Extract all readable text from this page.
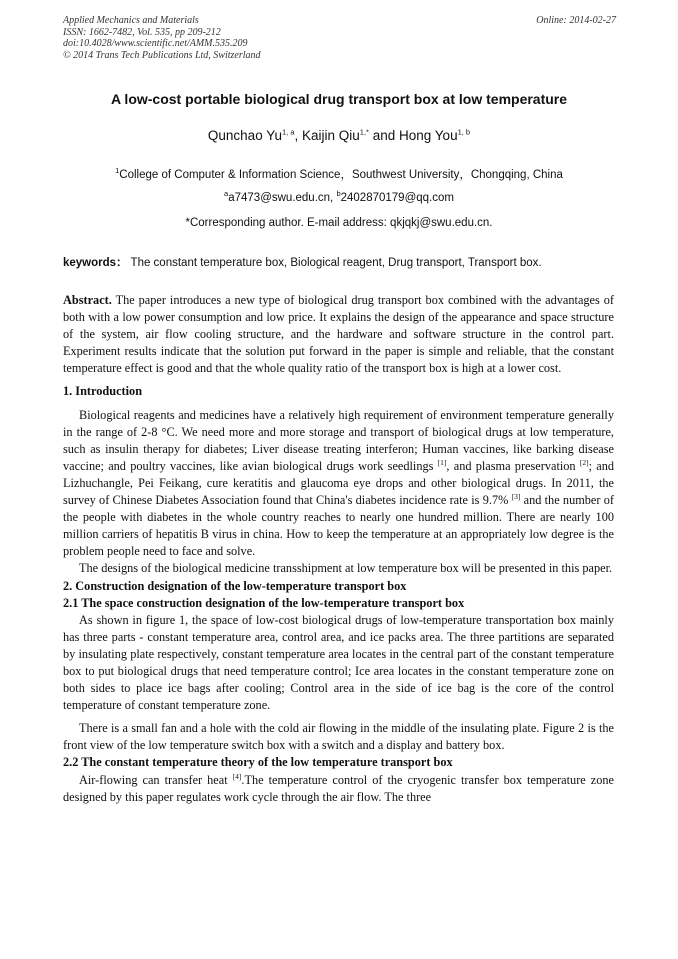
Applied Mechanics and Materials
ISSN: 1662-7482, Vol. 535, pp 209-212
doi:10.4028/www.scientific.net/AMM.535.209
© 2014 Trans Tech Publications Ltd, Switzerland
Online: 2014-02-27
A low-cost portable biological drug transport box at low temperature
Qunchao Yu$^{1, a}$, Kaijin Qiu$^{1,*}$ and Hong You$^{1, b}$
$^1$College of Computer & Information Science，Southwest University，Chongqing, China
$^a$a7473@swu.edu.cn, $^b$2402870179@qq.com
*Corresponding author. E-mail address: qkjqkj@swu.edu.cn.
keywords： The constant temperature box, Biological reagent, Drug transport, Transport box.

Abstract. The paper introduces a new type of biological drug transport box combined with the advantages of both with a low power consumption and low price. It explains the design of the appearance and space structure of the system, air flow cooling structure, and the hardware and software structure in the control part. Experiment results indicate that the solution put forward in the paper is simple and reliable, that the constant temperature effect is good and that the whole quality ratio of the transport box is high at a lower cost.

1. Introduction

Biological reagents and medicines have a relatively high requirement of environment temperature generally in the range of 2-8 °C. We need more and more storage and transport of biological drugs at low temperature, such as insulin therapy for diabetes; Liver disease treating interferon; Human vaccines, like barking disease vaccine; and poultry vaccines, like avian biological drugs work seedlings [1], and plasma preservation [2]; and Lizhuchangle, Pei Feikang, cure keratitis and glaucoma eye drops and other biological drugs. In 2011, the survey of Chinese Diabetes Association found that China's diabetes incidence rate is 9.7% [3] and the number of the people with diabetes in the whole country reaches to nearly one hundred million. There are nearly 100 million carriers of hepatitis B virus in china. How to keep the temperature at an appropriately low degree is the problem people need to face and solve.

The designs of the biological medicine transshipment at low temperature box will be presented in this paper.

2. Construction designation of the low-temperature transport box

2.1 The space construction designation of the low-temperature transport box

As shown in figure 1, the space of low-cost biological drugs of low-temperature transportation box mainly has three parts - constant temperature area, control area, and ice packs area. The three partitions are separated by insulating plate respectively, constant temperature area locates in the central part of the constant temperature box to put biological drugs that need temperature control; Ice area locates in the constant temperature zone on both sides to place ice bags after cooling; Control area in the side of ice bag is the core of the control temperature of constant temperature zone.

There is a small fan and a hole with the cold air flowing in the middle of the insulating plate. Figure 2 is the front view of the low temperature switch box with a switch and a display and battery box.

2.2 The constant temperature theory of the low temperature transport box

Air-flowing can transfer heat [4].The temperature control of the cryogenic transfer box temperature zone designed by this paper regulates work cycle through the air flow. The three
